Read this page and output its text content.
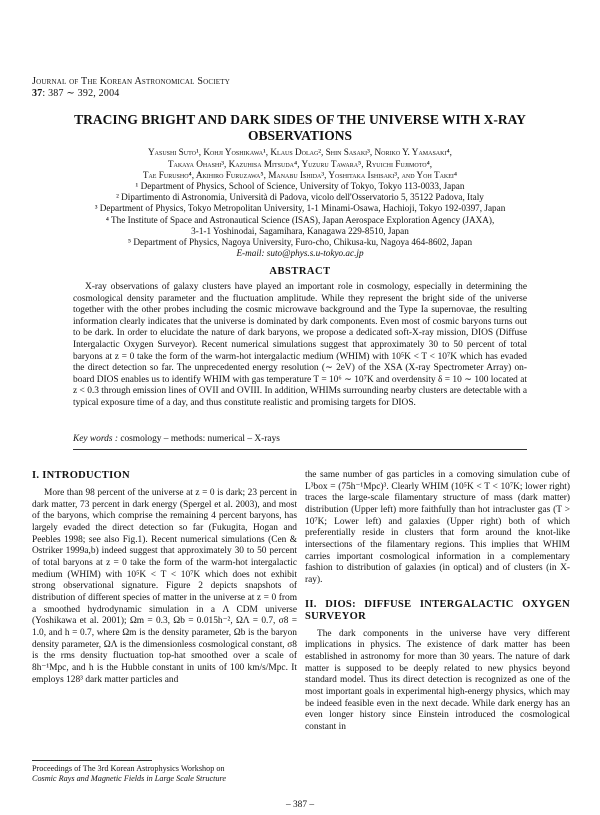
Journal of The Korean Astronomical Society
37: 387 ∼ 392, 2004
TRACING BRIGHT AND DARK SIDES OF THE UNIVERSE WITH X-RAY OBSERVATIONS
Yasushi Suto¹, Kohji Yoshikawa¹, Klaus Dolag², Shin Sasaki³, Noriko Y. Yamasaki⁴,
Takaya Ohashi³, Kazuhisa Mitsuda⁴, Yuzuru Tawara⁵, Ryuichi Fujimoto⁴,
Tae Furusho⁴, Akihiro Furuzawa⁵, Manabu Ishida³, Yoshitaka Ishisaki³, and Yoh Takei⁴
¹ Department of Physics, School of Science, University of Tokyo, Tokyo 113-0033, Japan
² Dipartimento di Astronomia, Università di Padova, vicolo dell'Osservatorio 5, 35122 Padova, Italy
³ Department of Physics, Tokyo Metropolitan University, 1-1 Minami-Osawa, Hachioji, Tokyo 192-0397, Japan
⁴ The Institute of Space and Astronautical Science (ISAS), Japan Aerospace Exploration Agency (JAXA),
3-1-1 Yoshinodai, Sagamihara, Kanagawa 229-8510, Japan
⁵ Department of Physics, Nagoya University, Furo-cho, Chikusa-ku, Nagoya 464-8602, Japan
E-mail: suto@phys.s.u-tokyo.ac.jp
ABSTRACT

X-ray observations of galaxy clusters have played an important role in cosmology, especially in determining the cosmological density parameter and the fluctuation amplitude. While they represent the bright side of the universe together with the other probes including the cosmic microwave background and the Type Ia supernovae, the resulting information clearly indicates that the universe is dominated by dark components. Even most of cosmic baryons turns out to be dark. In order to elucidate the nature of dark baryons, we propose a dedicated soft-X-ray mission, DIOS (Diffuse Intergalactic Oxygen Surveyor). Recent numerical simulations suggest that approximately 30 to 50 percent of total baryons at z = 0 take the form of the warm-hot intergalactic medium (WHIM) with 10⁵K < T < 10⁷K which has evaded the direct detection so far. The unprecedented energy resolution (∼ 2eV) of the XSA (X-ray Spectrometer Array) on-board DIOS enables us to identify WHIM with gas temperature T = 10⁶ ∼ 10⁷K and overdensity δ = 10 ∼ 100 located at z < 0.3 through emission lines of OVII and OVIII. In addition, WHIMs surrounding nearby clusters are detectable with a typical exposure time of a day, and thus constitute realistic and promising targets for DIOS.

Key words : cosmology – methods: numerical – X-rays
I. INTRODUCTION

More than 98 percent of the universe at z = 0 is dark; 23 percent in dark matter, 73 percent in dark energy (Spergel et al. 2003), and most of the baryons, which comprise the remaining 4 percent baryons, has largely evaded the direct detection so far (Fukugita, Hogan and Peebles 1998; see also Fig.1). Recent numerical simulations (Cen & Ostriker 1999a,b) indeed suggest that approximately 30 to 50 percent of total baryons at z = 0 take the form of the warm-hot intergalactic medium (WHIM) with 10⁵K < T < 10⁷K which does not exhibit strong observational signature. Figure 2 depicts snapshots of distribution of different species of matter in the universe at z = 0 from a smoothed hydrodynamic simulation in a Λ CDM universe (Yoshikawa et al. 2001); Ωm = 0.3, Ωb = 0.015h⁻², ΩΛ = 0.7, σ8 = 1.0, and h = 0.7, where Ωm is the density parameter, Ωb is the baryon density parameter, ΩΛ is the dimensionless cosmological constant, σ8 is the rms density fluctuation top-hat smoothed over a scale of 8h⁻¹Mpc, and h is the Hubble constant in units of 100 km/s/Mpc. It employs 128³ dark matter particles and

the same number of gas particles in a comoving simulation cube of L³box = (75h⁻¹Mpc)³. Clearly WHIM (10⁵K < T < 10⁷K; lower right) traces the large-scale filamentary structure of mass (dark matter) distribution (Upper left) more faithfully than hot intracluster gas (T > 10⁷K; Lower left) and galaxies (Upper right) both of which preferentially reside in clusters that form around the knot-like intersections of the filamentary regions. This implies that WHIM carries important cosmological information in a complementary fashion to distribution of galaxies (in optical) and of clusters (in X-ray).

II. DIOS: DIFFUSE INTERGALACTIC OXYGEN SURVEYOR

The dark components in the universe have very different implications in physics. The existence of dark matter has been established in astronomy for more than 30 years. The nature of dark matter is supposed to be deeply related to new physics beyond standard model. Thus its direct detection is recognized as one of the most important goals in experimental high-energy physics, which may be indeed feasible even in the next decade. While dark energy has an even longer history since Einstein introduced the cosmological constant in

Proceedings of The 3rd Korean Astrophysics Workshop on
Cosmic Rays and Magnetic Fields in Large Scale Structure
– 387 –
